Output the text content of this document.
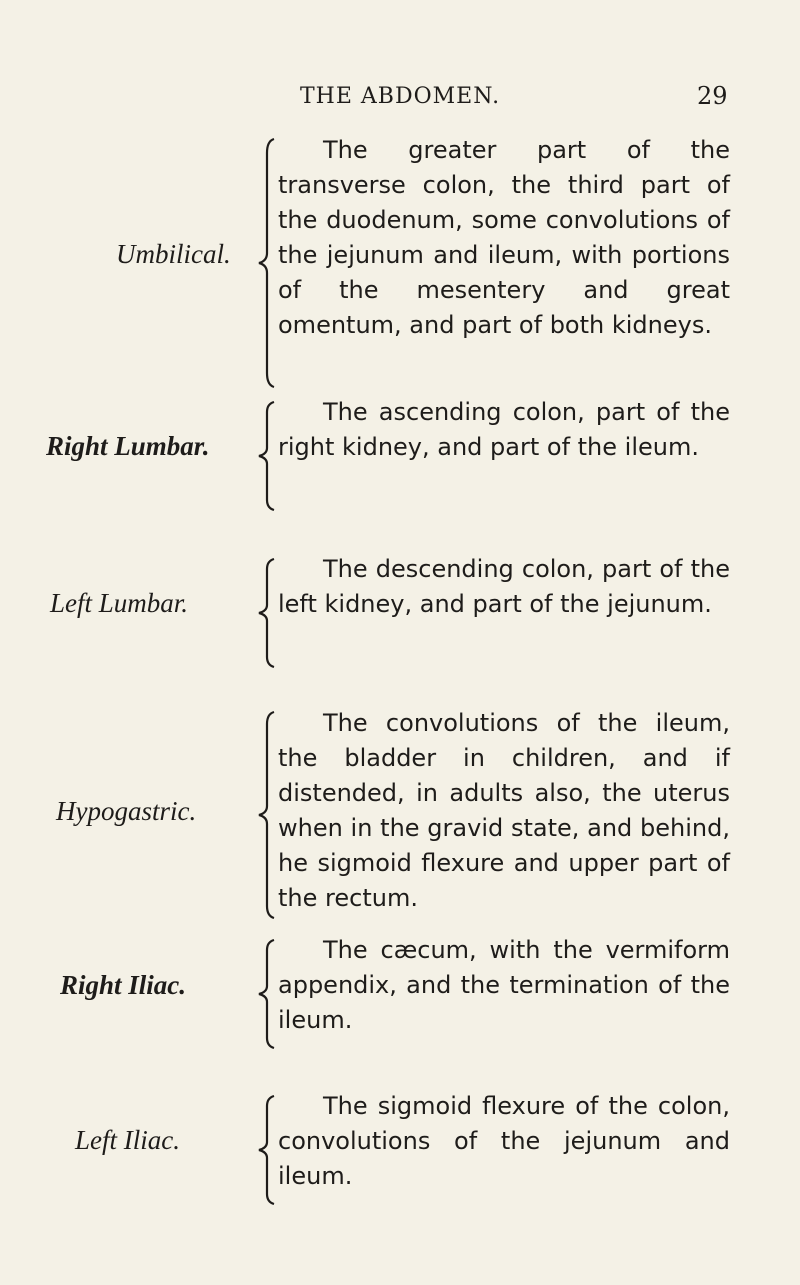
THE ABDOMEN.	29
Umbilical.

The greater part of the transverse colon, the third part of the duodenum, some convolutions of the jejunum and ileum, with portions of the mesentery and great omentum, and part of both kidneys.

Right Lumbar.

The ascending colon, part of the right kidney, and part of the ileum.

Left Lumbar.

The descending colon, part of the left kidney, and part of the jejunum.

Hypogastric.

The convolutions of the ileum, the bladder in children, and if distended, in adults also, the uterus when in the gravid state, and behind, he sigmoid flexure and upper part of the rectum.

Right Iliac.

The cæcum, with the vermiform appendix, and the termination of the ileum.

Left Iliac.

The sigmoid flexure of the colon, convolutions of the jejunum and ileum.
